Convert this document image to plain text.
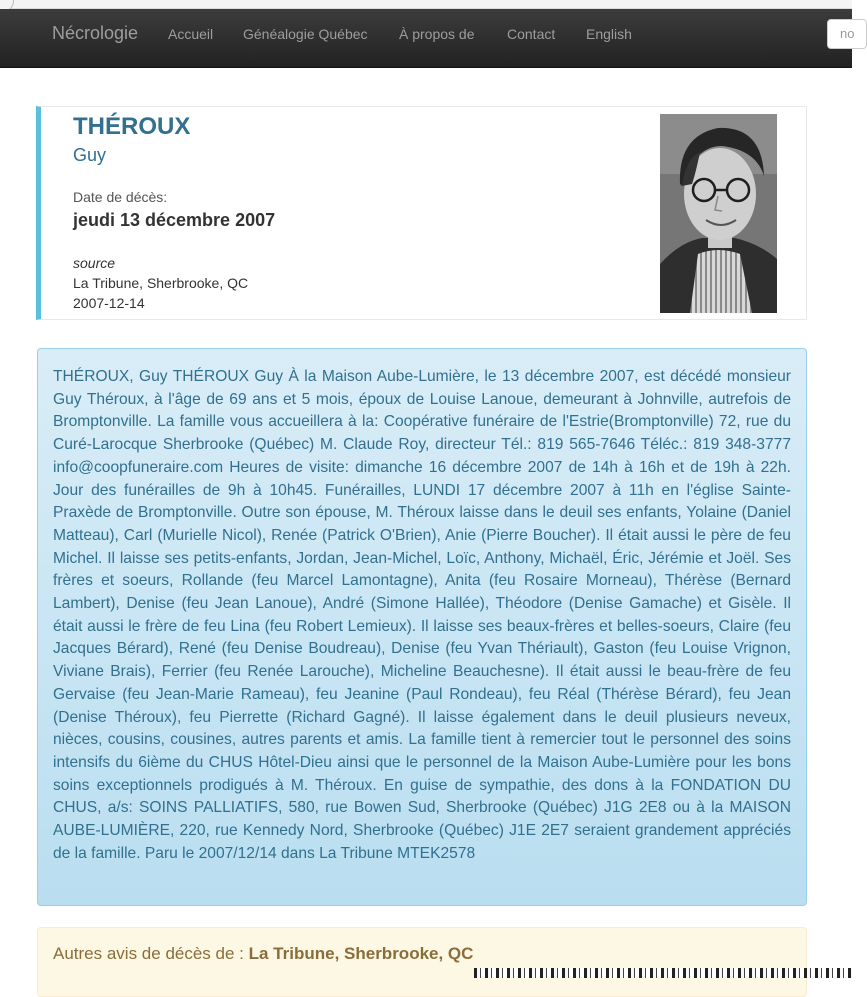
Nécrologie Accueil Généalogie Québec À propos de Contact English	no
THÉROUX
Guy
Date de décès:
jeudi 13 décembre 2007
source
La Tribune, Sherbrooke, QC
2007-12-14

THÉROUX, Guy THÉROUX Guy À la Maison Aube-Lumière, le 13 décembre 2007, est décédé monsieur Guy Théroux, à l'âge de 69 ans et 5 mois, époux de Louise Lanoue, demeurant à Johnville, autrefois de Bromptonville. La famille vous accueillera à la: Coopérative funéraire de l'Estrie(Bromptonville) 72, rue du Curé-Larocque Sherbrooke (Québec) M. Claude Roy, directeur Tél.: 819 565-7646 Téléc.: 819 348-3777 info@coopfuneraire.com Heures de visite: dimanche 16 décembre 2007 de 14h à 16h et de 19h à 22h. Jour des funérailles de 9h à 10h45. Funérailles, LUNDI 17 décembre 2007 à 11h en l'église Sainte-Praxède de Bromptonville. Outre son épouse, M. Théroux laisse dans le deuil ses enfants, Yolaine (Daniel Matteau), Carl (Murielle Nicol), Renée (Patrick O'Brien), Anie (Pierre Boucher). Il était aussi le père de feu Michel. Il laisse ses petits-enfants, Jordan, Jean-Michel, Loïc, Anthony, Michaël, Éric, Jérémie et Joël. Ses frères et soeurs, Rollande (feu Marcel Lamontagne), Anita (feu Rosaire Morneau), Thérèse (Bernard Lambert), Denise (feu Jean Lanoue), André (Simone Hallée), Théodore (Denise Gamache) et Gisèle. Il était aussi le frère de feu Lina (feu Robert Lemieux). Il laisse ses beaux-frères et belles-soeurs, Claire (feu Jacques Bérard), René (feu Denise Boudreau), Denise (feu Yvan Thériault), Gaston (feu Louise Vrignon, Viviane Brais), Ferrier (feu Renée Larouche), Micheline Beauchesne). Il était aussi le beau-frère de feu Gervaise (feu Jean-Marie Rameau), feu Jeanine (Paul Rondeau), feu Réal (Thérèse Bérard), feu Jean (Denise Théroux), feu Pierrette (Richard Gagné). Il laisse également dans le deuil plusieurs neveux, nièces, cousins, cousines, autres parents et amis. La famille tient à remercier tout le personnel des soins intensifs du 6ième du CHUS Hôtel-Dieu ainsi que le personnel de la Maison Aube-Lumière pour les bons soins exceptionnels prodigués à M. Théroux. En guise de sympathie, des dons à la FONDATION DU CHUS, a/s: SOINS PALLIATIFS, 580, rue Bowen Sud, Sherbrooke (Québec) J1G 2E8 ou à la MAISON AUBE-LUMIÈRE, 220, rue Kennedy Nord, Sherbrooke (Québec) J1E 2E7 seraient grandement appréciés de la famille. Paru le 2007/12/14 dans La Tribune MTEK2578

Autres avis de décès de : La Tribune, Sherbrooke, QC
